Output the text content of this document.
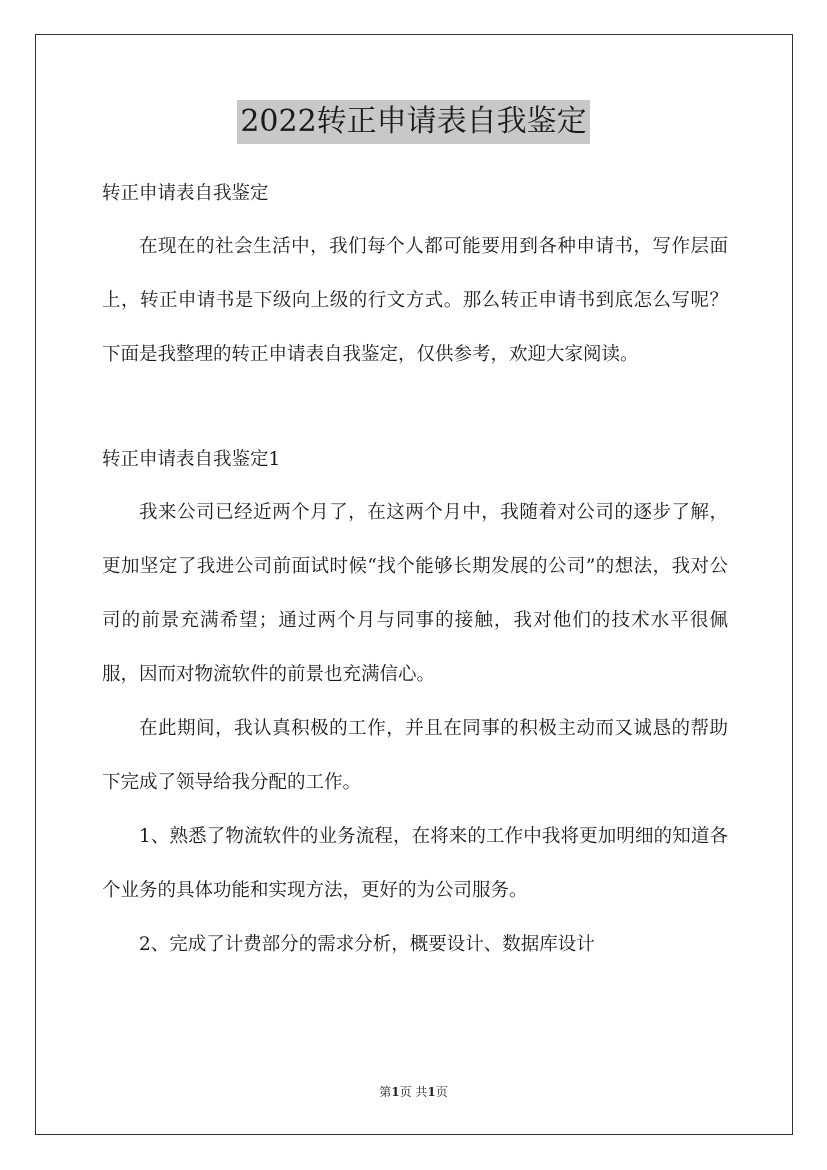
2022转正申请表自我鉴定

转正申请表自我鉴定

在现在的社会生活中，我们每个人都可能要用到各种申请书，写作层面上，转正申请书是下级向上级的行文方式。那么转正申请书到底怎么写呢？下面是我整理的转正申请表自我鉴定，仅供参考，欢迎大家阅读。

转正申请表自我鉴定1

我来公司已经近两个月了，在这两个月中，我随着对公司的逐步了解，更加坚定了我进公司前面试时候“找个能够长期发展的公司”的想法，我对公司的前景充满希望；通过两个月与同事的接触，我对他们的技术水平很佩服，因而对物流软件的前景也充满信心。

在此期间，我认真积极的工作，并且在同事的积极主动而又诚恳的帮助下完成了领导给我分配的工作。

1、熟悉了物流软件的业务流程，在将来的工作中我将更加明细的知道各个业务的具体功能和实现方法，更好的为公司服务。

2、完成了计费部分的需求分析，概要设计、数据库设计

第1页 共1页
